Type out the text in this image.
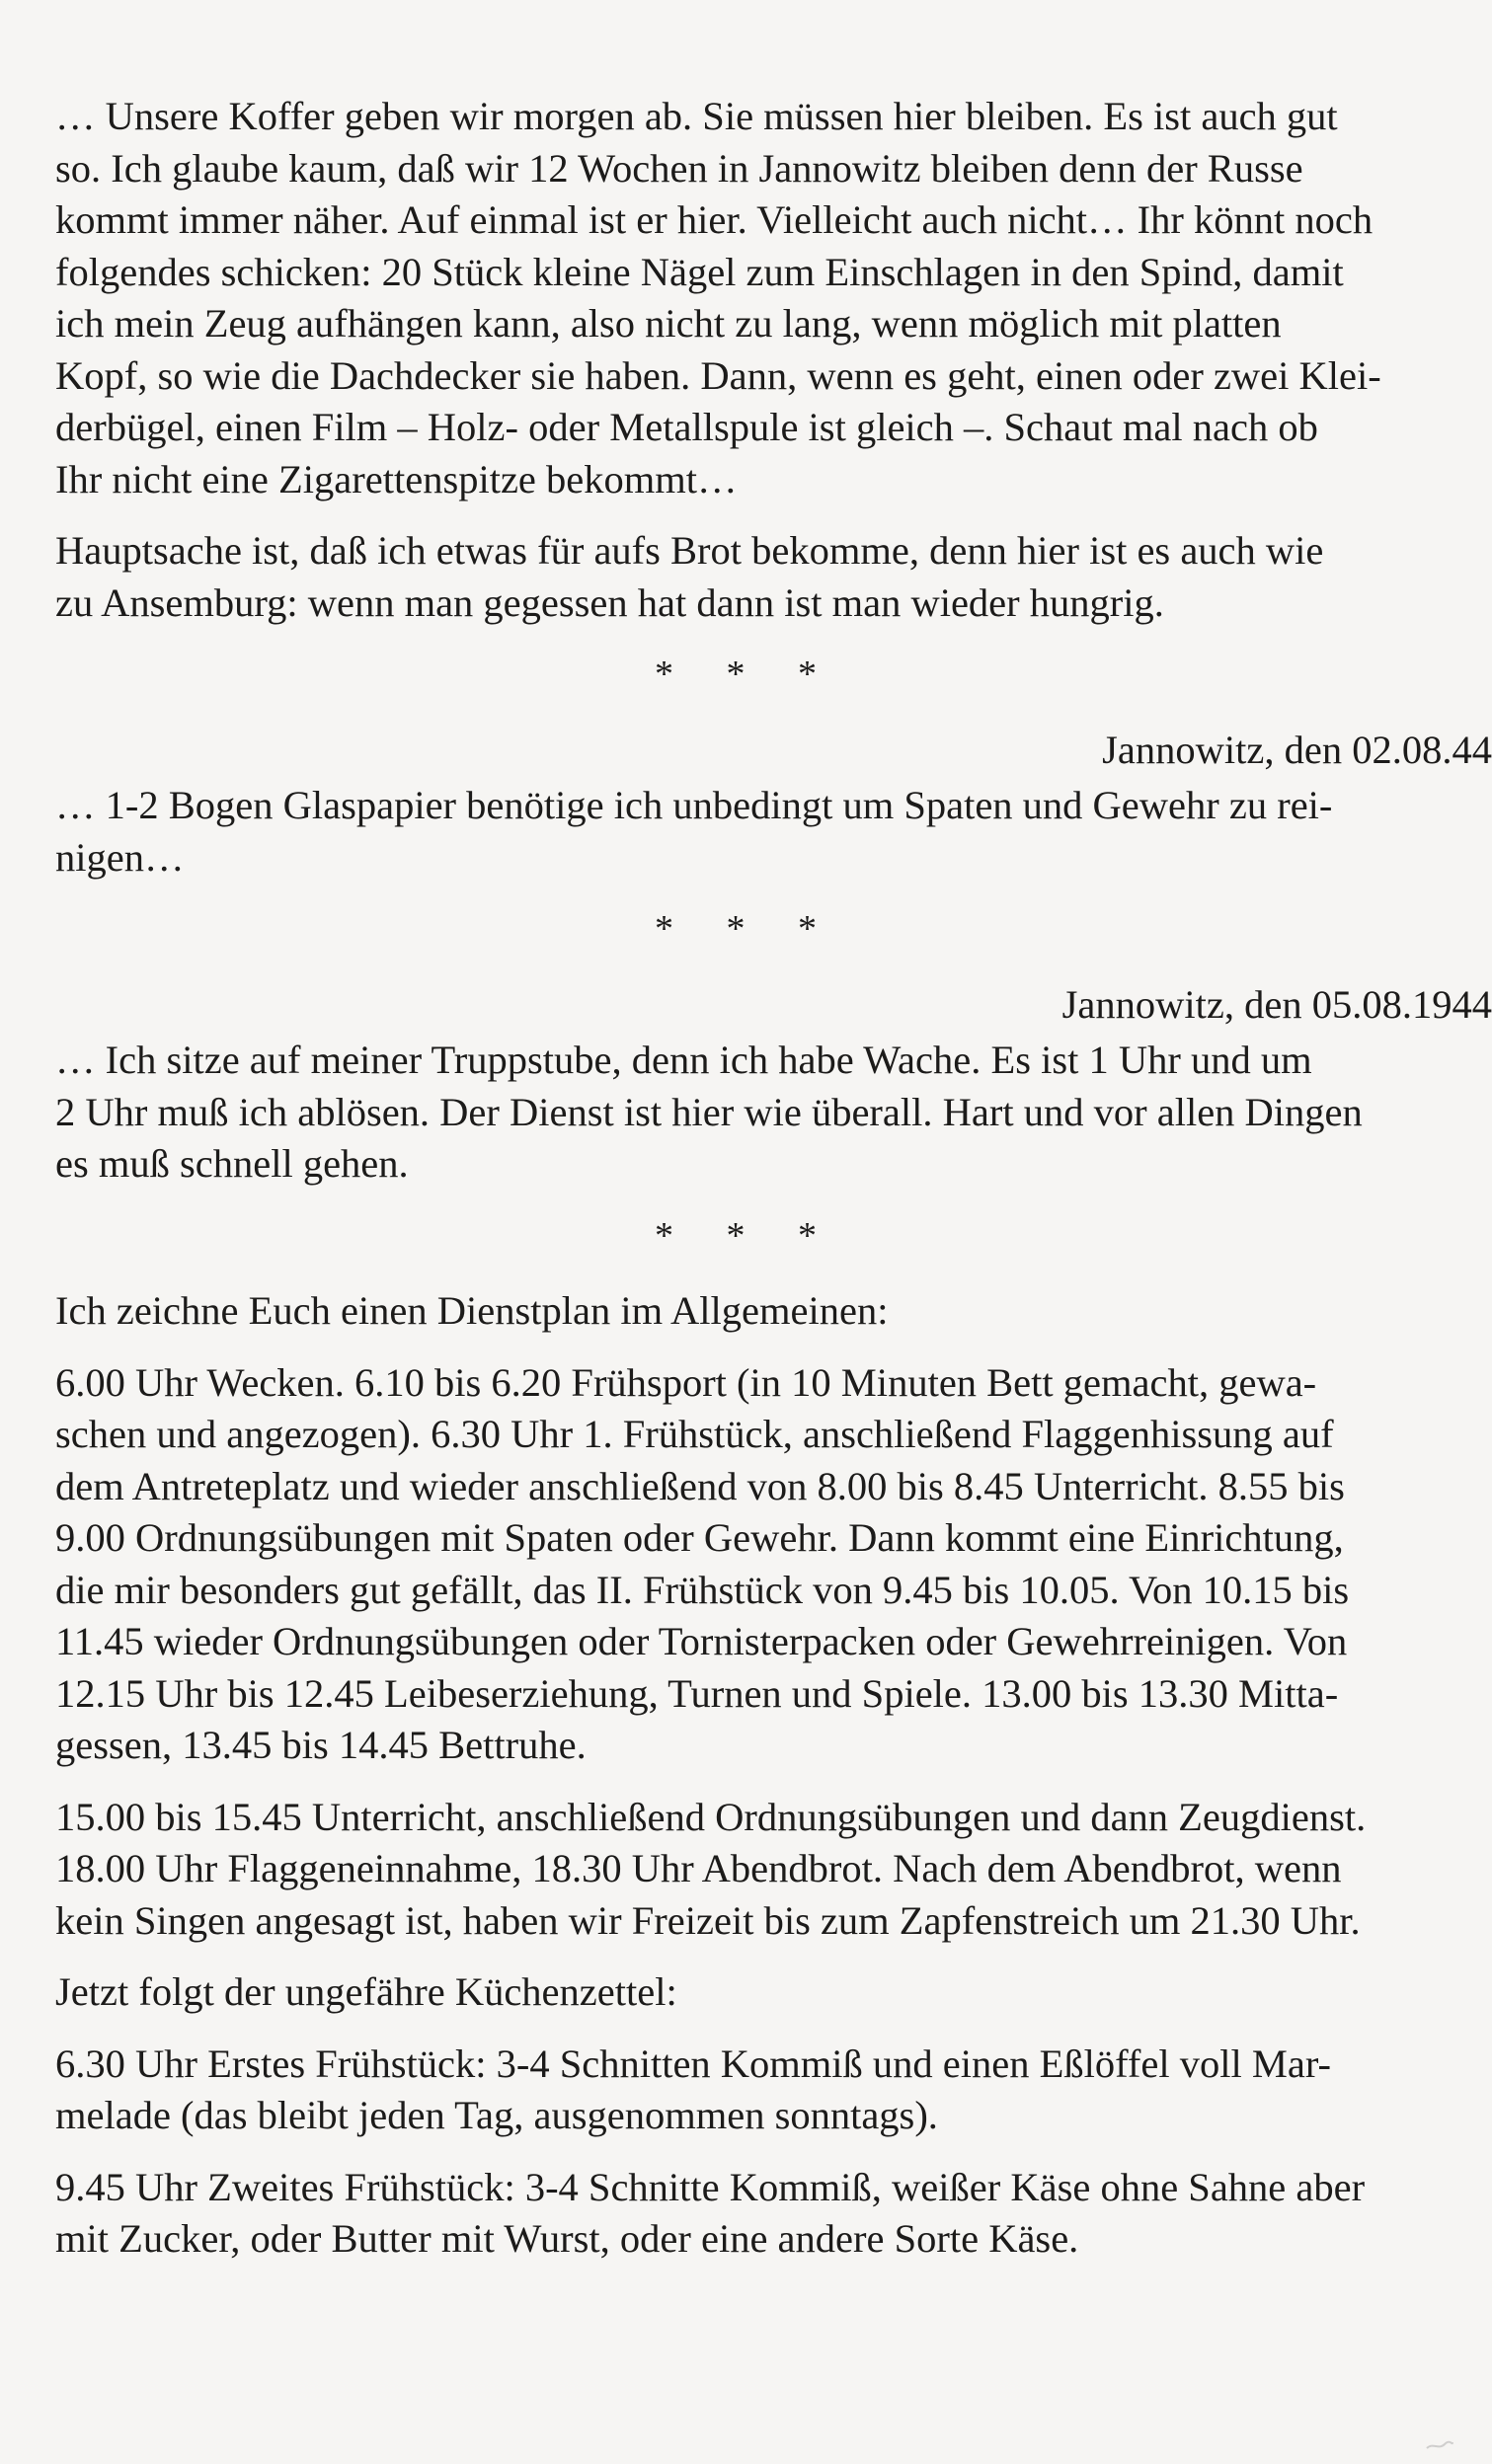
… Unsere Koffer geben wir morgen ab. Sie müssen hier bleiben. Es ist auch gut
so. Ich glaube kaum, daß wir 12 Wochen in Jannowitz bleiben denn der Russe
kommt immer näher. Auf einmal ist er hier. Vielleicht auch nicht… Ihr könnt noch
folgendes schicken: 20 Stück kleine Nägel zum Einschlagen in den Spind, damit
ich mein Zeug aufhängen kann, also nicht zu lang, wenn möglich mit platten
Kopf, so wie die Dachdecker sie haben. Dann, wenn es geht, einen oder zwei Klei-
derbügel, einen Film – Holz- oder Metallspule ist gleich –. Schaut mal nach ob
Ihr nicht eine Zigarettenspitze bekommt…

Hauptsache ist, daß ich etwas für aufs Brot bekomme, denn hier ist es auch wie
zu Ansemburg: wenn man gegessen hat dann ist man wieder hungrig.

* * *
Jannowitz, den 02.08.44

… 1-2 Bogen Glaspapier benötige ich unbedingt um Spaten und Gewehr zu rei-
nigen…

* * *
Jannowitz, den 05.08.1944

… Ich sitze auf meiner Truppstube, denn ich habe Wache. Es ist 1 Uhr und um
2 Uhr muß ich ablösen. Der Dienst ist hier wie überall. Hart und vor allen Dingen
es muß schnell gehen.

* * *

Ich zeichne Euch einen Dienstplan im Allgemeinen:

6.00 Uhr Wecken. 6.10 bis 6.20 Frühsport (in 10 Minuten Bett gemacht, gewa-
schen und angezogen). 6.30 Uhr 1. Frühstück, anschließend Flaggenhissung auf
dem Antreteplatz und wieder anschließend von 8.00 bis 8.45 Unterricht. 8.55 bis
9.00 Ordnungsübungen mit Spaten oder Gewehr. Dann kommt eine Einrichtung,
die mir besonders gut gefällt, das II. Frühstück von 9.45 bis 10.05. Von 10.15 bis
11.45 wieder Ordnungsübungen oder Tornisterpacken oder Gewehrreinigen. Von
12.15 Uhr bis 12.45 Leibeserziehung, Turnen und Spiele. 13.00 bis 13.30 Mitta-
gessen, 13.45 bis 14.45 Bettruhe.

15.00 bis 15.45 Unterricht, anschließend Ordnungsübungen und dann Zeugdienst.
18.00 Uhr Flaggeneinnahme, 18.30 Uhr Abendbrot. Nach dem Abendbrot, wenn
kein Singen angesagt ist, haben wir Freizeit bis zum Zapfenstreich um 21.30 Uhr.

Jetzt folgt der ungefähre Küchenzettel:

6.30 Uhr Erstes Frühstück: 3-4 Schnitten Kommiß und einen Eßlöffel voll Mar-
melade (das bleibt jeden Tag, ausgenommen sonntags).

9.45 Uhr Zweites Frühstück: 3-4 Schnitte Kommiß, weißer Käse ohne Sahne aber
mit Zucker, oder Butter mit Wurst, oder eine andere Sorte Käse.
